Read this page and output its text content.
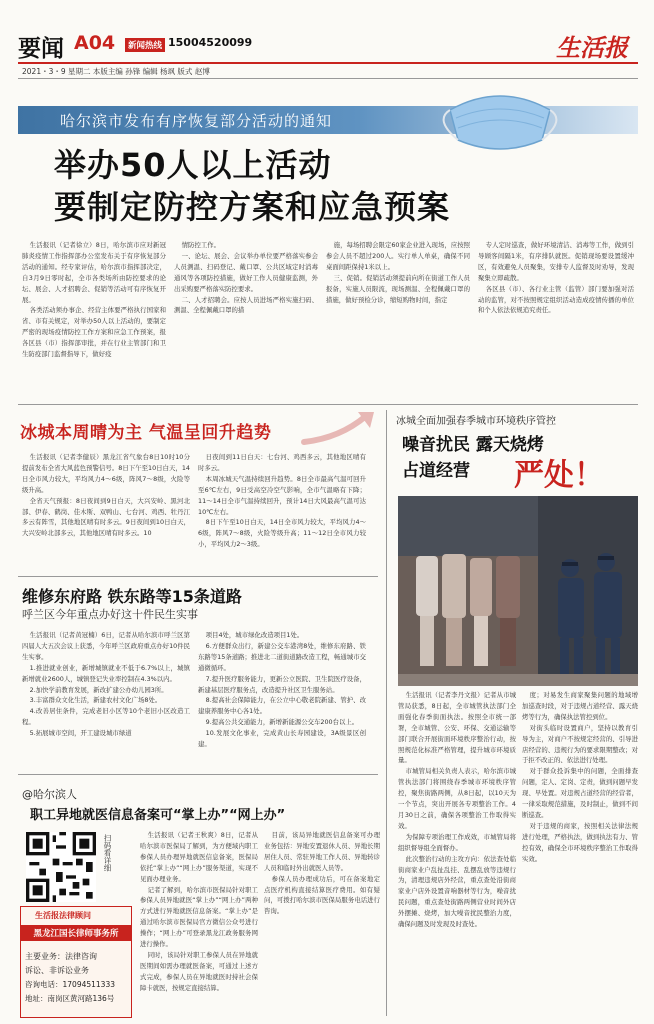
要闻 A04	新闻热线 15004520099	生活报
2021・3・9 星期二 本版主编 孙锋 编辑 杨飒 版式 赵博
哈尔滨市发布有序恢复部分活动的通知
举办50人以上活动
要制定防控方案和应急预案

生活报讯（记者徐立）8日，哈尔滨市应对新冠肺炎疫情工作指挥部办公室发布关于有序恢复部分活动的通知。经专家评估，哈尔滨市指挥部决定，自3月9日零时起，全市各类场所由防控要求的论坛、展会、人才招聘会、促销等活动可有序恢复开展。

各类活动须办事企、经营主体要严格执行国家和省、市有关规定，对举办50人以上活动的，要制定严密的现场疫情防控工作方案和应急工作预案，报各区县（市）指挥部审批，并在行业主管部门和卫生防疫部门监督指导下，做好疫

情防控工作。

一、论坛、展会、会议举办单位要严格落实参会人员测温、扫码登记、戴口罩、公共区域定时消毒通风等各项防控措施，做好工作人员健康监测，外出采购要严格落实防控要求。

二、人才招聘会。应按人员进场严格实施扫码、测温、全程佩戴口罩的措

施，每场招聘会限定60家企业进入现场，应按照参会人员不超过200人。实行单人单桌，确保不同桌面间距保持1米以上。

三、促销。促销活动须提前向所在街道工作人员报备，实施人员限流，现场测温、全程佩戴口罩的措施，做好预检分诊，缩短购物时间，指定

专人定时巡查，做好环境清洁、消毒等工作，做到引导顾客间隔1米，有序排队就医。促销现场要设置缓冲区，有效避免人员聚集，安排专人监督及时劝导，发现聚集立即疏散。

各区县（市）、各行业主管（监管）部门要加强对活动的监管，对不按照规定组织活动造成疫情传播的单位和个人依法依规追究责任。

冰城本周晴为主 气温呈回升趋势

生活报讯（记者李健辰）黑龙江省气象台8日10时10分提前发布全省大风蓝色预警信号。8日下午至10日白天，14日全市风力较大，平均风力4～6级，阵风7～8级，火险等级升高。

全省天气预报：8日夜间到9日白天，大兴安岭、黑河北部、伊春、鹤岗、佳木斯、双鸭山、七台河、鸡西、牡丹江多云有阵雪，其他地区晴有时多云。9日夜间到10日白天，大兴安岭北部多云，其他地区晴有时多云。10

日夜间到11日白天：七台河、鸡西多云，其他地区晴有时多云。

本周冰城天气温持续回升趋势。8日全市最高气温可回升至6℃左右，9日受高空冷空气影响，全市气温略有下降；11～14日全市气温持续回升，预计14日大风最高气温可达10℃左右。

8日下午至10日白天，14日全市风力较大，平均风力4～6级，阵风7～8级，火险等级升高；11～12日全市风力较小，平均风力2～3级。

维修东府路 铁东路等15条道路
呼兰区今年重点办好这十件民生实事

生活报讯（记者黄冠楠）6日，记者从哈尔滨市呼兰区第四届人大五次会议上获悉，今年呼兰区政府重点办好10件民生实事。

1.推进就业创业，新增城镇就业不低于6.7%以上，城镇新增就业2600人，城镇登记失业率控制在4.3%以内。

2.加快学前教育发展，新改扩建公办幼儿园3所。

3.丰富群众文化生活，新建农村文化广场8处。

4.改善居住条件，完成老旧小区等10个老旧小区改造工程。

5.拓展城市空间，开工建设城市绿道

项目4处，城市绿化改造项目1处。

6.方便群众出行，新建公交车港湾8处，维修东府路、铁东路等15条道路；推进北二道街道路改造工程，畅通城市交通微循环。

7.提升医疗服务能力，更新公立医院、卫生院医疗设备，新建基层医疗服务点，改造提升社区卫生服务站。

8.提高社会保障能力，在公立中心敬老院新建、管护、改建康养服务中心各1处。

9.提高公共交通能力，新增新能源公交车200台以上。

10.发展文化事业，完成黄山长寿园建设，3A级景区创建。

@哈尔滨人
职工异地就医信息备案可“掌上办”“网上办”
扫码看详细
生活报法律顾问
黑龙江国长律师事务所
主要业务：法律咨询
诉讼、非诉讼业务
咨询电话：17094511333
地址：南岗区黄河路136号

生活报讯（记者王秋爽）8日，记者从哈尔滨市医保局了解到，为方便域内职工参保人员办理异地就医信息备案，医保局依托“掌上办”“网上办”服务渠道，实现不见面办理业务。

记者了解到，哈尔滨市医保局针对职工参保人员异地就医“掌上办”“网上办”两种方式进行异地就医信息备案。“掌上办”是通过哈尔滨市医保局官方微信公众号进行操作；“网上办”可登录黑龙江政务服务网进行操作。

同时，该局针对职工参保人员在异地就医期间如需办理就医备案，可通过上述方式完成，参保人员在异地就医时持社会保障卡就医，按规定直接结算。

目前，该局异地就医信息备案可办理业务包括：异地安置退休人员、异地长期居住人员、常驻异地工作人员、异地转诊人员和临时外出就医人员等。

参保人员办理成功后，可在备案地定点医疗机构直接结算医疗费用。如有疑问，可拨打哈尔滨市医保局服务电话进行咨询。

冰城全面加强春季城市环境秩序管控
噪音扰民 露天烧烤
占道经营 严处！

生活报讯（记者李丹文报）记者从市城管局获悉，8日起，全市城管执法部门全面强化春季街面执法。按照全市统一部署，全市城管、公安、环保、交通运输等部门联合开展街面环境秩序整治行动，按照规范化标准严格管理，提升城市环境质量。

市城管局相关负责人表示，哈尔滨市城管执法部门将围绕春季城市环境秩序管控，聚焦街路两侧，从8日起，以10天为一个节点，突出开展各专项整治工作。4月30日之前，确保各项整治工作取得实效。

为保障专项治理工作成效，市城管局将组织督导组全面督办。

此次整治行动的主攻方向：依法查处临街商家业户乱扯乱挂、乱摆乱放等违规行为，清理违规店外经营，重点查处沿街商家业户店外设置音响器材等行为，噪音扰民问题，重点查处街路两侧营业时间外店外摆摊、烧烤，加大噪音扰民整治力度，确保问题及时发现及时查处。

度；对易发生商家聚集问题的地域增加巡查时段，对于违规占道经营、露天烧烤等行为，确保执法管控到位。

对街头临时设置商户，坚持以教育引导为主，对商户不按规定经营的、引导进店经营的、违规行为的要求限期整改；对于拒不改正的、依法进行处理。

对于群众投诉集中的问题，全面排查问题，定人、定岗、定责，做到问题早发现、早处置。对违规占道经营的经营者，一律采取规范措施，及时制止，做到不间断巡查。

对于违规的商家，按照相关法律法规进行处理，严格执法，做到执法有力、管控有效，确保全市环境秩序整治工作取得实效。
